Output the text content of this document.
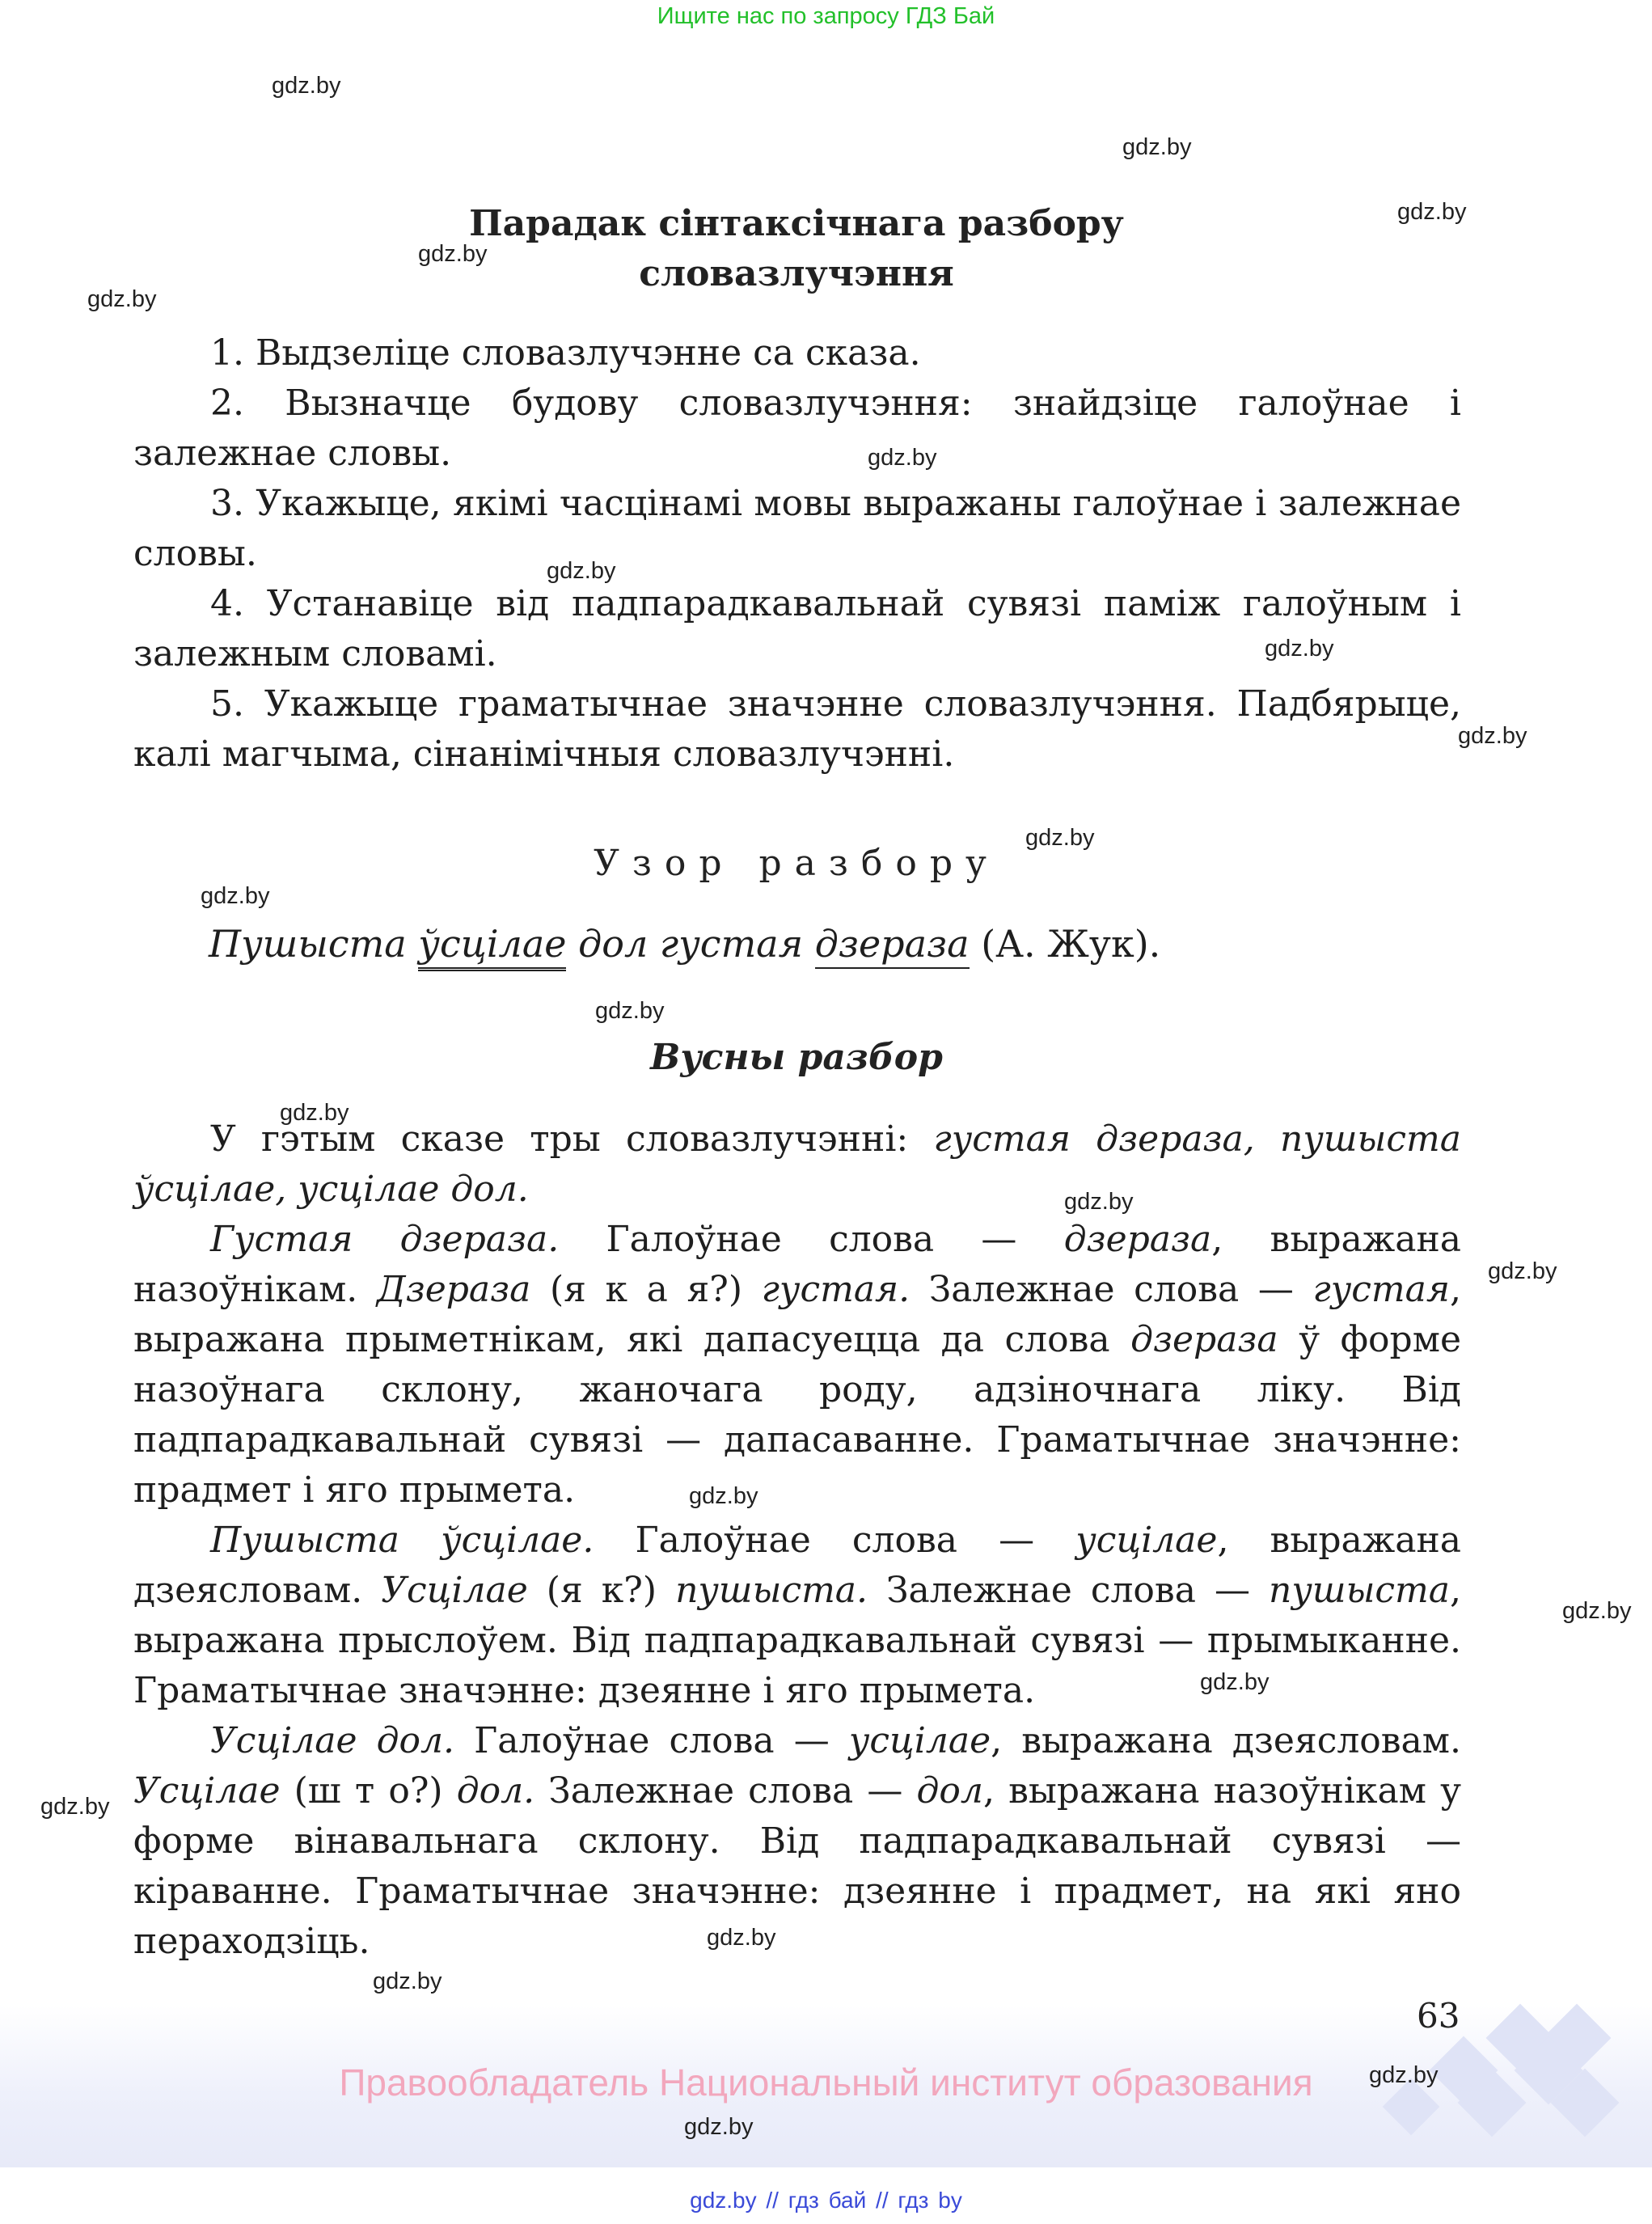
Ищите нас по запросу ГДЗ Бай
gdz.by
gdz.by
gdz.by
gdz.by
gdz.by
gdz.by
gdz.by
gdz.by
gdz.by
gdz.by
gdz.by
gdz.by
gdz.by
gdz.by
gdz.by
gdz.by
gdz.by
gdz.by
gdz.by
gdz.by
gdz.by
Парадак сінтаксічнага разбору
словазлучэння

1. Выдзеліце словазлучэнне са сказа.

2. Вызначце будову словазлучэння: знайдзіце галоўнае і залежнае словы.

3. Укажыце, якімі часцінамі мовы выражаны галоўнае і залежнае словы.

4. Устанавіце від падпарадкавальнай сувязі паміж галоўным і залежным словамі.

5. Укажыце граматычнае значэнне словазлучэння. Падбярыце, калі магчыма, сінанімічныя словазлучэнні.

Узор разбору
Пушыста ўсцілае дол густая дзераза (А. Жук).
Вусны разбор

У гэтым сказе тры словазлучэнні: густая дзераза, пушыста ўсцілае, усцілае дол.

Густая дзераза. Галоўнае слова — дзераза, выражана назоўнікам. Дзераза (я к а я?) густая. Залежнае слова — густая, выражана прыметнікам, які дапасуецца да слова дзераза ў форме назоўнага склону, жаночага роду, адзіночнага ліку. Від падпарадкавальнай сувязі — дапасаванне. Граматычнае значэнне: прадмет і яго прымета.

Пушыста ўсцілае. Галоўнае слова — усцілае, выражана дзеясловам. Усцілае (я к?) пушыста. Залежнае слова — пушыста, выражана прыслоўем. Від падпарадкавальнай сувязі — прымыканне. Граматычнае значэнне: дзеянне і яго прымета.

Усцілае дол. Галоўнае слова — усцілае, выражана дзеясловам. Усцілае (ш т о?) дол. Залежнае слова — дол, выражана назоўнікам у форме вінавальнага склону. Від падпарадкавальнай сувязі — кіраванне. Граматычнае значэнне: дзеянне і прадмет, на які яно пераходзіць.

63
Правообладатель Национальный институт образования	gdz.by
gdz.by
gdz.by // гдз бай // гдз by
